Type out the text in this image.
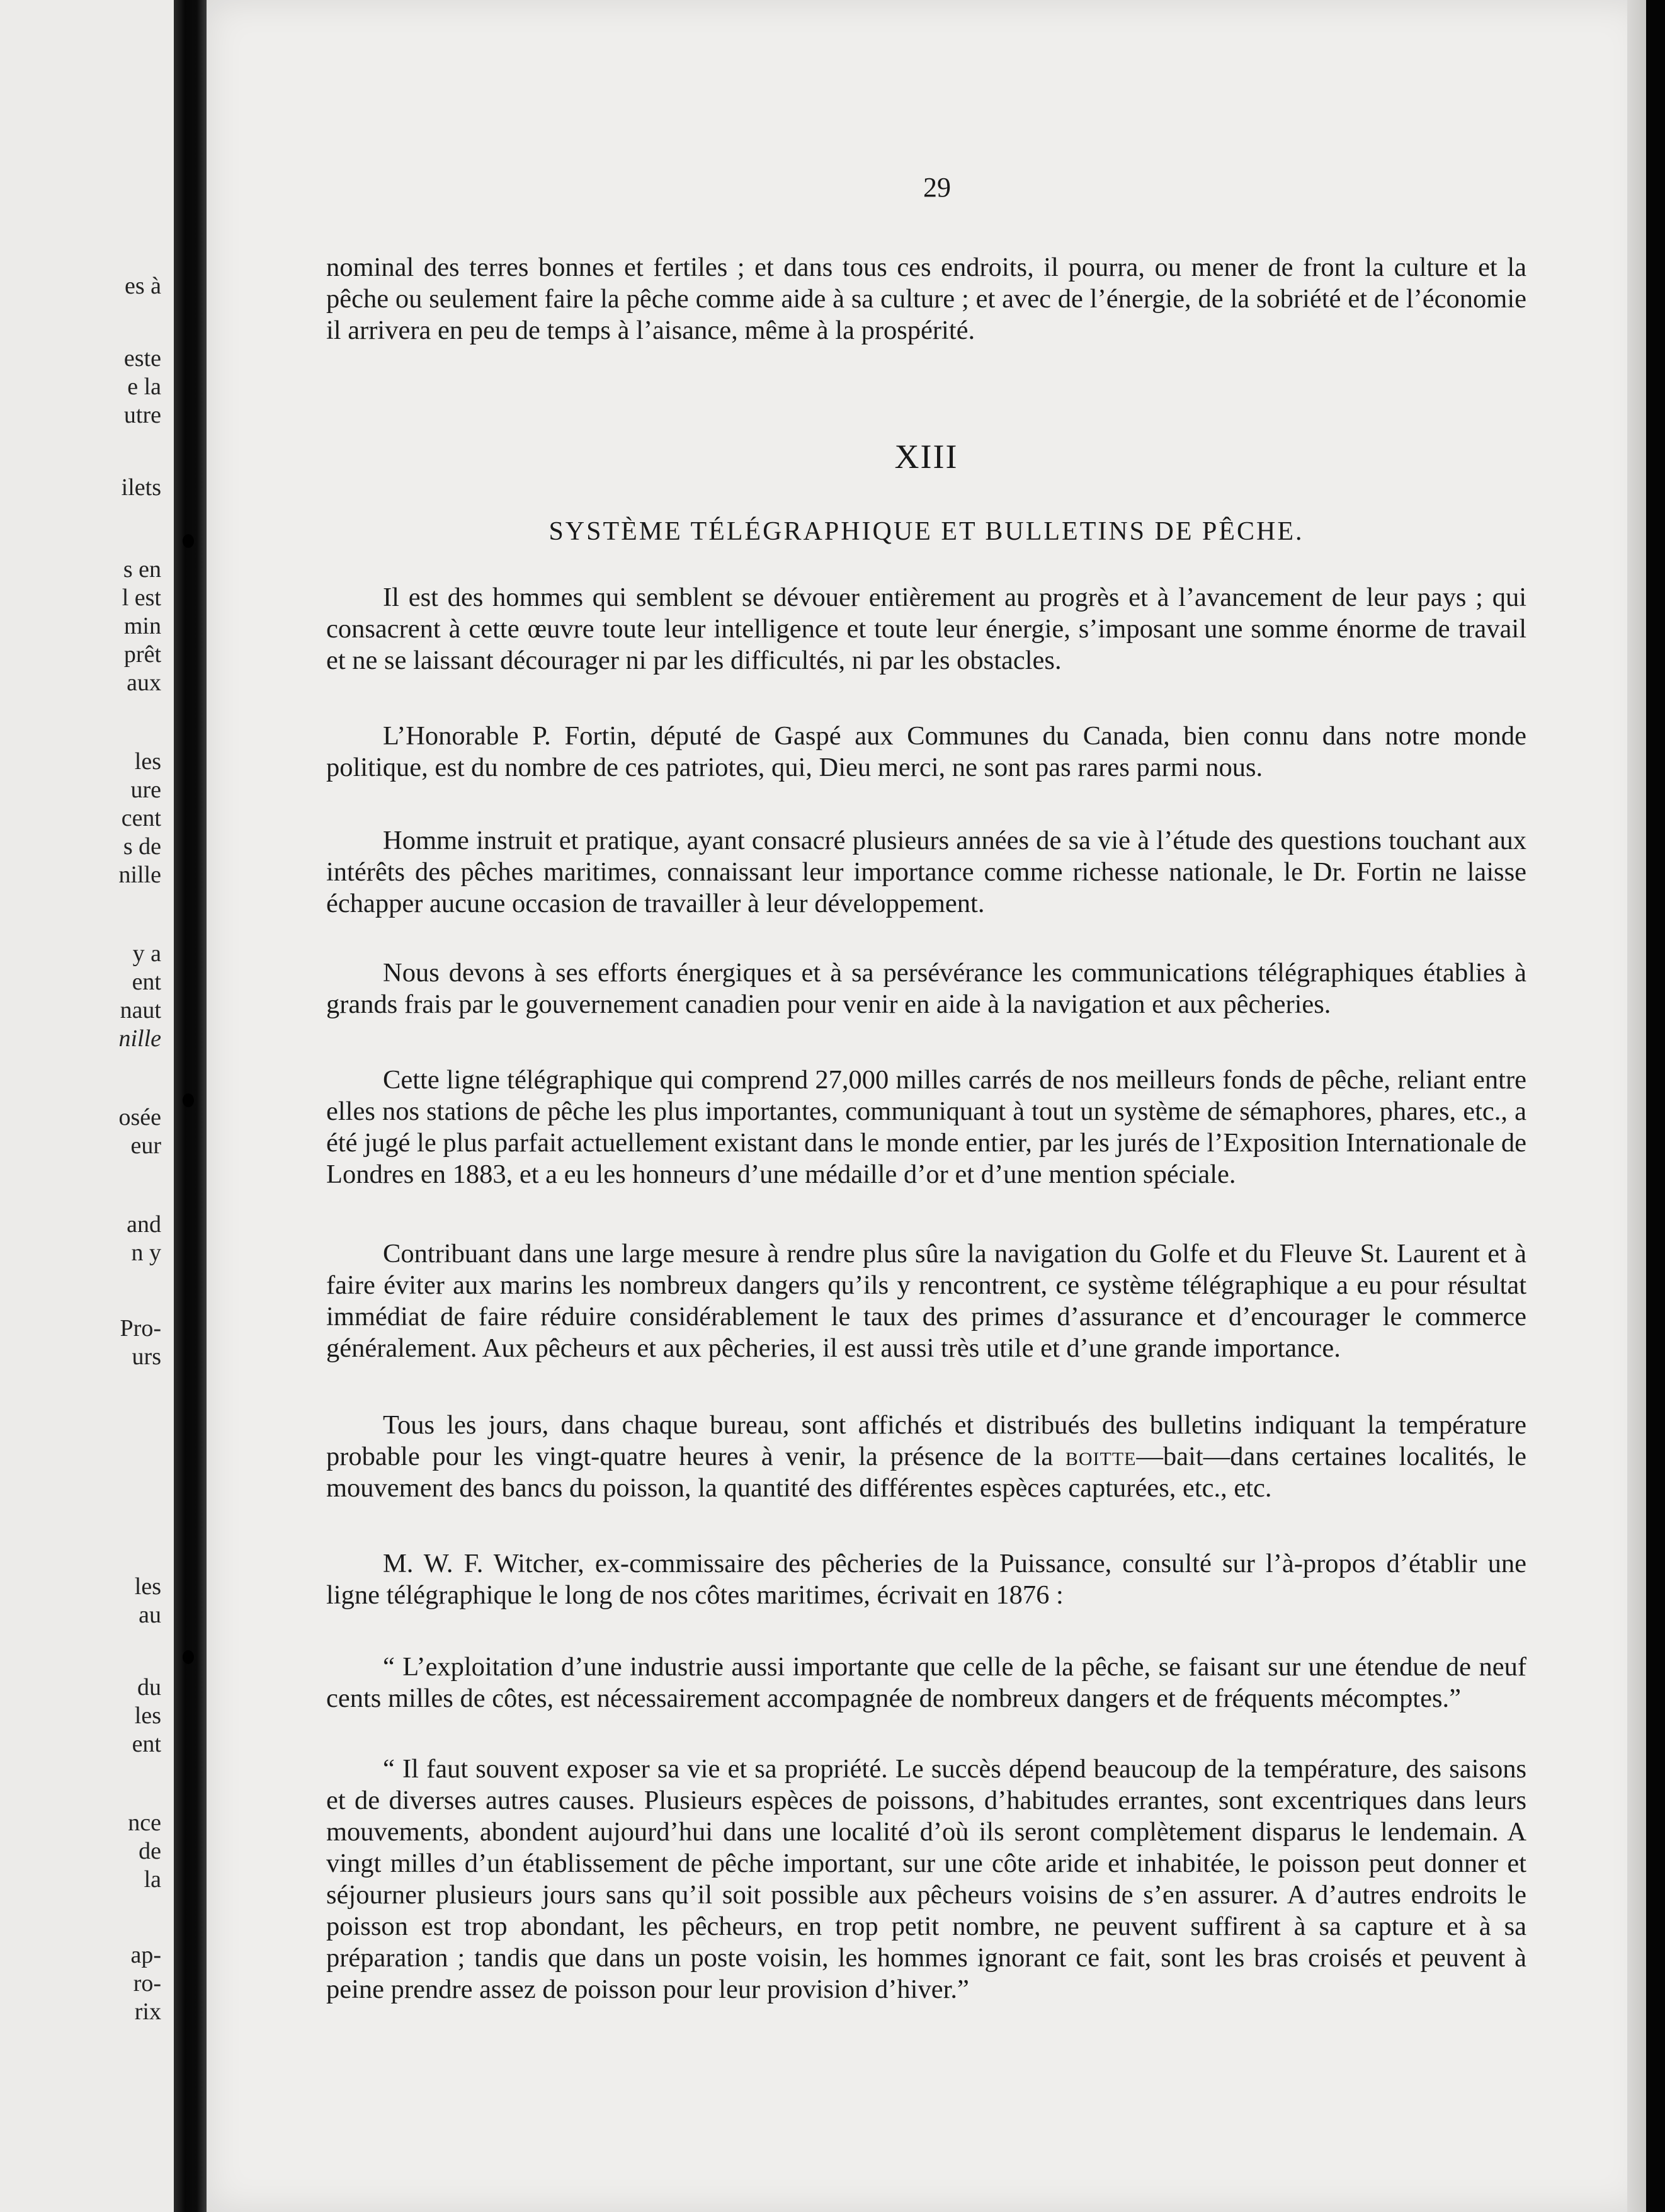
es à
este
e la
utre
ilets
s en
l est
min
prêt
aux
les
ure
cent
s de
nille
y a
ent
naut
nille
osée
eur
and
n y
Pro-
urs
les
au
du
les
ent
nce
de
la
ap-
ro-
rix
29

nominal des terres bonnes et fertiles ; et dans tous ces endroits, il pourra, ou mener de front la culture et la pêche ou seulement faire la pêche comme aide à sa culture ; et avec de l’énergie, de la sobriété et de l’économie il arrivera en peu de temps à l’aisance, même à la prospérité.

XIII
SYSTÈME TÉLÉGRAPHIQUE ET BULLETINS DE PÊCHE.

Il est des hommes qui semblent se dévouer entièrement au progrès et à l’avancement de leur pays ; qui consacrent à cette œuvre toute leur intelligence et toute leur énergie, s’imposant une somme énorme de travail et ne se laissant décourager ni par les difficultés, ni par les obstacles.

L’Honorable P. Fortin, député de Gaspé aux Communes du Canada, bien connu dans notre monde politique, est du nombre de ces patriotes, qui, Dieu merci, ne sont pas rares parmi nous.

Homme instruit et pratique, ayant consacré plusieurs années de sa vie à l’étude des questions touchant aux intérêts des pêches maritimes, connaissant leur importance comme richesse nationale, le Dr. Fortin ne laisse échapper aucune occasion de travailler à leur développement.

Nous devons à ses efforts énergiques et à sa persévérance les communications télégraphiques établies à grands frais par le gouvernement canadien pour venir en aide à la navigation et aux pêcheries.

Cette ligne télégraphique qui comprend 27,000 milles carrés de nos meilleurs fonds de pêche, reliant entre elles nos stations de pêche les plus importantes, communiquant à tout un système de sémaphores, phares, etc., a été jugé le plus parfait actuellement existant dans le monde entier, par les jurés de l’Exposition Internationale de Londres en 1883, et a eu les honneurs d’une médaille d’or et d’une mention spéciale.

Contribuant dans une large mesure à rendre plus sûre la navigation du Golfe et du Fleuve St. Laurent et à faire éviter aux marins les nombreux dangers qu’ils y rencontrent, ce système télégraphique a eu pour résultat immédiat de faire réduire considérablement le taux des primes d’assurance et d’encourager le commerce généralement. Aux pêcheurs et aux pêcheries, il est aussi très utile et d’une grande importance.

Tous les jours, dans chaque bureau, sont affichés et distribués des bulletins indiquant la température probable pour les vingt-quatre heures à venir, la présence de la boitte—bait—dans certaines localités, le mouvement des bancs du poisson, la quantité des différentes espèces capturées, etc., etc.

M. W. F. Witcher, ex-commissaire des pêcheries de la Puissance, consulté sur l’à-propos d’établir une ligne télégraphique le long de nos côtes maritimes, écrivait en 1876 :

“ L’exploitation d’une industrie aussi importante que celle de la pêche, se faisant sur une étendue de neuf cents milles de côtes, est nécessairement accompagnée de nombreux dangers et de fréquents mécomptes.”

“ Il faut souvent exposer sa vie et sa propriété. Le succès dépend beaucoup de la température, des saisons et de diverses autres causes. Plusieurs espèces de poissons, d’habitudes errantes, sont excentriques dans leurs mouvements, abondent aujourd’hui dans une localité d’où ils seront complètement disparus le lendemain. A vingt milles d’un établissement de pêche important, sur une côte aride et inhabitée, le poisson peut donner et séjourner plusieurs jours sans qu’il soit possible aux pêcheurs voisins de s’en assurer. A d’autres endroits le poisson est trop abondant, les pêcheurs, en trop petit nombre, ne peuvent suffirent à sa capture et à sa préparation ; tandis que dans un poste voisin, les hommes ignorant ce fait, sont les bras croisés et peuvent à peine prendre assez de poisson pour leur provision d’hiver.”
